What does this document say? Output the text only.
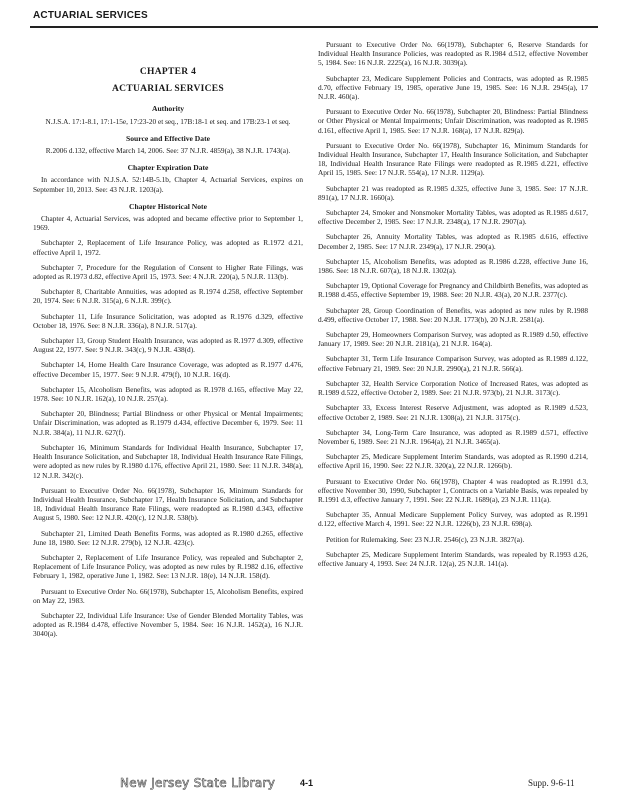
ACTUARIAL SERVICES
CHAPTER 4
ACTUARIAL SERVICES
Authority

N.J.S.A. 17:1-8.1, 17:1-15e, 17:23-20 et seq., 17B:18-1 et seq. and 17B:23-1 et seq.

Source and Effective Date

R.2006 d.132, effective March 14, 2006. See: 37 N.J.R. 4859(a), 38 N.J.R. 1743(a).

Chapter Expiration Date

In accordance with N.J.S.A. 52:14B-5.1b, Chapter 4, Actuarial Services, expires on September 10, 2013. See: 43 N.J.R. 1203(a).

Chapter Historical Note

Chapter 4, Actuarial Services, was adopted and became effective prior to September 1, 1969.

Subchapter 2, Replacement of Life Insurance Policy, was adopted as R.1972 d.21, effective April 1, 1972.

Subchapter 7, Procedure for the Regulation of Consent to Higher Rate Filings, was adopted as R.1973 d.82, effective April 15, 1973. See: 4 N.J.R. 220(a), 5 N.J.R. 113(b).

Subchapter 8, Charitable Annuities, was adopted as R.1974 d.258, effective September 20, 1974. See: 6 N.J.R. 315(a), 6 N.J.R. 399(c).

Subchapter 11, Life Insurance Solicitation, was adopted as R.1976 d.329, effective October 18, 1976. See: 8 N.J.R. 336(a), 8 N.J.R. 517(a).

Subchapter 13, Group Student Health Insurance, was adopted as R.1977 d.309, effective August 22, 1977. See: 9 N.J.R. 343(c), 9 N.J.R. 438(d).

Subchapter 14, Home Health Care Insurance Coverage, was adopted as R.1977 d.476, effective December 15, 1977. See: 9 N.J.R. 479(f), 10 N.J.R. 16(d).

Subchapter 15, Alcoholism Benefits, was adopted as R.1978 d.165, effective May 22, 1978. See: 10 N.J.R. 162(a), 10 N.J.R. 257(a).

Subchapter 20, Blindness; Partial Blindness or other Physical or Mental Impairments; Unfair Discrimination, was adopted as R.1979 d.434, effective December 6, 1979. See: 11 N.J.R. 384(a), 11 N.J.R. 627(f).

Subchapter 16, Minimum Standards for Individual Health Insurance, Subchapter 17, Health Insurance Solicitation, and Subchapter 18, Individual Health Insurance Rate Filings, were adopted as new rules by R.1980 d.176, effective April 21, 1980. See: 11 N.J.R. 348(a), 12 N.J.R. 342(c).

Pursuant to Executive Order No. 66(1978), Subchapter 16, Minimum Standards for Individual Health Insurance, Subchapter 17, Health Insurance Solicitation, and Subchapter 18, Individual Health Insurance Rate Filings, were readopted as R.1980 d.343, effective August 5, 1980. See: 12 N.J.R. 420(c), 12 N.J.R. 538(b).

Subchapter 21, Limited Death Benefits Forms, was adopted as R.1980 d.265, effective June 18, 1980. See: 12 N.J.R. 279(b), 12 N.J.R. 423(c).

Subchapter 2, Replacement of Life Insurance Policy, was repealed and Subchapter 2, Replacement of Life Insurance Policy, was adopted as new rules by R.1982 d.16, effective February 1, 1982, operative June 1, 1982. See: 13 N.J.R. 18(e), 14 N.J.R. 158(d).

Pursuant to Executive Order No. 66(1978), Subchapter 15, Alcoholism Benefits, expired on May 22, 1983.

Subchapter 22, Individual Life Insurance: Use of Gender Blended Mortality Tables, was adopted as R.1984 d.478, effective November 5, 1984. See: 16 N.J.R. 1452(a), 16 N.J.R. 3040(a).

Pursuant to Executive Order No. 66(1978), Subchapter 6, Reserve Standards for Individual Health Insurance Policies, was readopted as R.1984 d.512, effective November 5, 1984. See: 16 N.J.R. 2225(a), 16 N.J.R. 3039(a).

Subchapter 23, Medicare Supplement Policies and Contracts, was adopted as R.1985 d.70, effective February 19, 1985, operative June 19, 1985. See: 16 N.J.R. 2945(a), 17 N.J.R. 460(a).

Pursuant to Executive Order No. 66(1978), Subchapter 20, Blindness: Partial Blindness or Other Physical or Mental Impairments; Unfair Discrimination, was readopted as R.1985 d.161, effective April 1, 1985. See: 17 N.J.R. 168(a), 17 N.J.R. 829(a).

Pursuant to Executive Order No. 66(1978), Subchapter 16, Minimum Standards for Individual Health Insurance, Subchapter 17, Health Insurance Solicitation, and Subchapter 18, Individual Health Insurance Rate Filings were readopted as R.1985 d.221, effective April 15, 1985. See: 17 N.J.R. 554(a), 17 N.J.R. 1129(a).

Subchapter 21 was readopted as R.1985 d.325, effective June 3, 1985. See: 17 N.J.R. 891(a), 17 N.J.R. 1660(a).

Subchapter 24, Smoker and Nonsmoker Mortality Tables, was adopted as R.1985 d.617, effective December 2, 1985. See: 17 N.J.R. 2348(a), 17 N.J.R. 2907(a).

Subchapter 26, Annuity Mortality Tables, was adopted as R.1985 d.616, effective December 2, 1985. See: 17 N.J.R. 2349(a), 17 N.J.R. 290(a).

Subchapter 15, Alcoholism Benefits, was adopted as R.1986 d.228, effective June 16, 1986. See: 18 N.J.R. 607(a), 18 N.J.R. 1302(a).

Subchapter 19, Optional Coverage for Pregnancy and Childbirth Benefits, was adopted as R.1988 d.455, effective September 19, 1988. See: 20 N.J.R. 43(a), 20 N.J.R. 2377(c).

Subchapter 28, Group Coordination of Benefits, was adopted as new rules by R.1988 d.499, effective October 17, 1988. See: 20 N.J.R. 1773(b), 20 N.J.R. 2581(a).

Subchapter 29, Homeowners Comparison Survey, was adopted as R.1989 d.50, effective January 17, 1989. See: 20 N.J.R. 2181(a), 21 N.J.R. 164(a).

Subchapter 31, Term Life Insurance Comparison Survey, was adopted as R.1989 d.122, effective February 21, 1989. See: 20 N.J.R. 2990(a), 21 N.J.R. 566(a).

Subchapter 32, Health Service Corporation Notice of Increased Rates, was adopted as R.1989 d.522, effective October 2, 1989. See: 21 N.J.R. 973(b), 21 N.J.R. 3173(c).

Subchapter 33, Excess Interest Reserve Adjustment, was adopted as R.1989 d.523, effective October 2, 1989. See: 21 N.J.R. 1308(a), 21 N.J.R. 3175(c).

Subchapter 34, Long-Term Care Insurance, was adopted as R.1989 d.571, effective November 6, 1989. See: 21 N.J.R. 1964(a), 21 N.J.R. 3465(a).

Subchapter 25, Medicare Supplement Interim Standards, was adopted as R.1990 d.214, effective April 16, 1990. See: 22 N.J.R. 320(a), 22 N.J.R. 1266(b).

Pursuant to Executive Order No. 66(1978), Chapter 4 was readopted as R.1991 d.3, effective November 30, 1990, Subchapter 1, Contracts on a Variable Basis, was repealed by R.1991 d.3, effective January 7, 1991. See: 22 N.J.R. 1689(a), 23 N.J.R. 111(a).

Subchapter 35, Annual Medicare Supplement Policy Survey, was adopted as R.1991 d.122, effective March 4, 1991. See: 22 N.J.R. 1226(b), 23 N.J.R. 698(a).

Petition for Rulemaking. See: 23 N.J.R. 2546(c), 23 N.J.R. 3827(a).

Subchapter 25, Medicare Supplement Interim Standards, was repealed by R.1993 d.26, effective January 4, 1993. See: 24 N.J.R. 12(a), 25 N.J.R. 141(a).

New Jersey State Library	4-1	Supp. 9-6-11
